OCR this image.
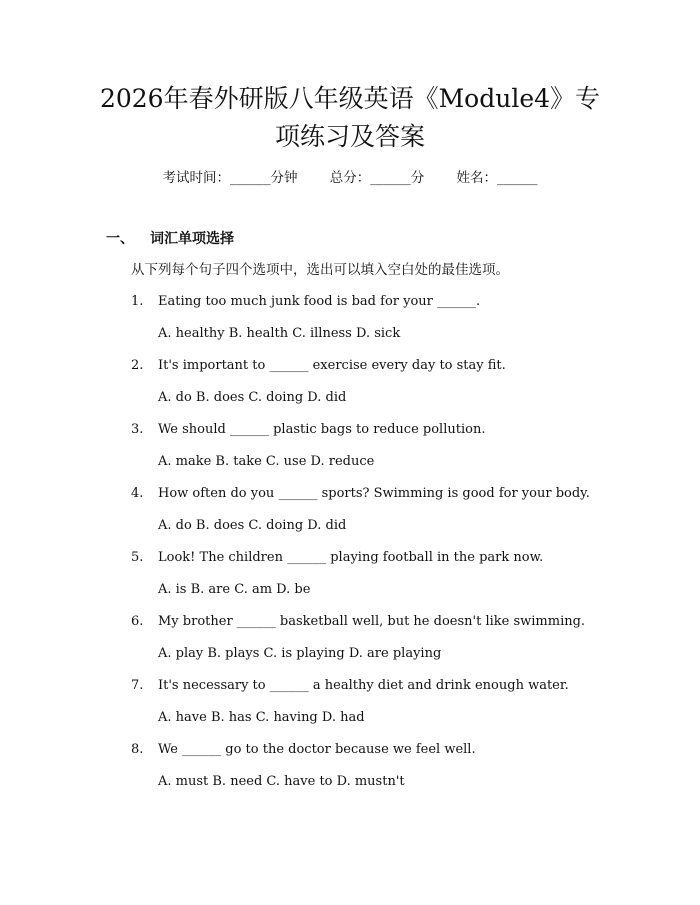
2026年春外研版八年级英语《Module4》专
项练习及答案
考试时间：______分钟 总分：______分 姓名：______
一、 词汇单项选择
从下列每个句子四个选项中，选出可以填入空白处的最佳选项。
1. Eating too much junk food is bad for your ______.
A. healthy B. health C. illness D. sick
2. It's important to ______ exercise every day to stay fit.
A. do B. does C. doing D. did
3. We should ______ plastic bags to reduce pollution.
A. make B. take C. use D. reduce
4. How often do you ______ sports? Swimming is good for your body.
A. do B. does C. doing D. did
5. Look! The children ______ playing football in the park now.
A. is B. are C. am D. be
6. My brother ______ basketball well, but he doesn't like swimming.
A. play B. plays C. is playing D. are playing
7. It's necessary to ______ a healthy diet and drink enough water.
A. have B. has C. having D. had
8. We ______ go to the doctor because we feel well.
A. must B. need C. have to D. mustn't
